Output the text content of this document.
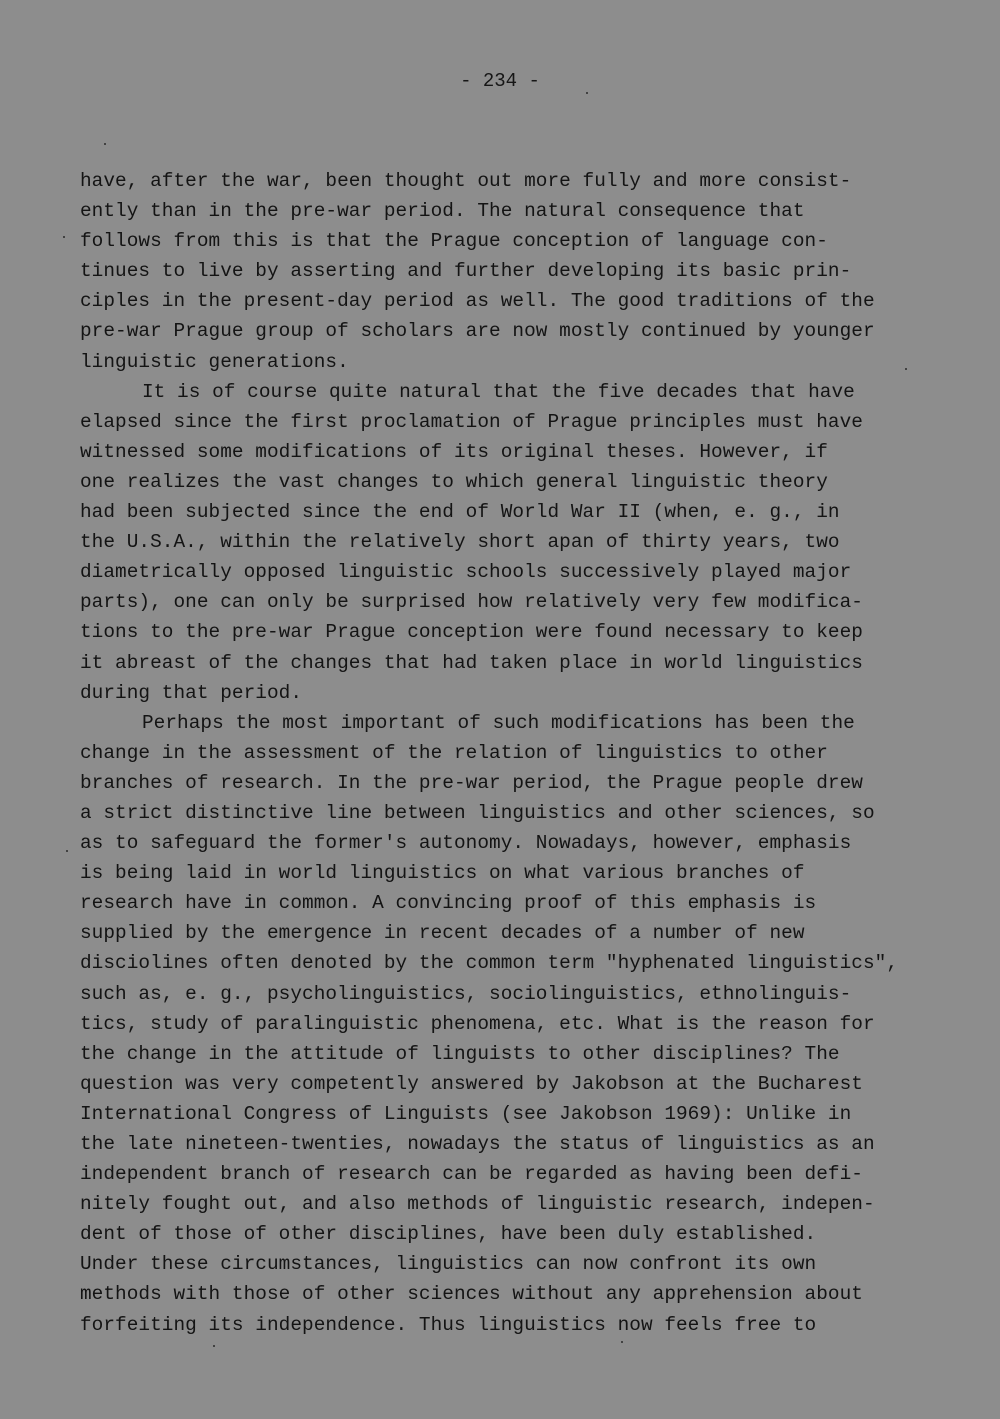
- 234 -
have, after the war, been thought out more fully and more consist-
ently than in the pre-war period. The natural consequence that
follows from this is that the Prague conception of language con-
tinues to live by asserting and further developing its basic prin-
ciples in the present-day period as well. The good traditions of the
pre-war Prague group of scholars are now mostly continued by younger
linguistic generations.
It is of course quite natural that the five decades that have
elapsed since the first proclamation of Prague principles must have
witnessed some modifications of its original theses. However, if
one realizes the vast changes to which general linguistic theory
had been subjected since the end of World War II (when, e. g., in
the U.S.A., within the relatively short apan of thirty years, two
diametrically opposed linguistic schools successively played major
parts), one can only be surprised how relatively very few modifica-
tions to the pre-war Prague conception were found necessary to keep
it abreast of the changes that had taken place in world linguistics
during that period.
Perhaps the most important of such modifications has been the
change in the assessment of the relation of linguistics to other
branches of research. In the pre-war period, the Prague people drew
a strict distinctive line between linguistics and other sciences, so
as to safeguard the former's autonomy. Nowadays, however, emphasis
is being laid in world linguistics on what various branches of
research have in common. A convincing proof of this emphasis is
supplied by the emergence in recent decades of a number of new
disciolines often denoted by the common term "hyphenated linguistics",
such as, e. g., psycholinguistics, sociolinguistics, ethnolinguis-
tics, study of paralinguistic phenomena, etc. What is the reason for
the change in the attitude of linguists to other disciplines? The
question was very competently answered by Jakobson at the Bucharest
International Congress of Linguists (see Jakobson 1969): Unlike in
the late nineteen-twenties, nowadays the status of linguistics as an
independent branch of research can be regarded as having been defi-
nitely fought out, and also methods of linguistic research, indepen-
dent of those of other disciplines, have been duly established.
Under these circumstances, linguistics can now confront its own
methods with those of other sciences without any apprehension about
forfeiting its independence. Thus linguistics now feels free to
